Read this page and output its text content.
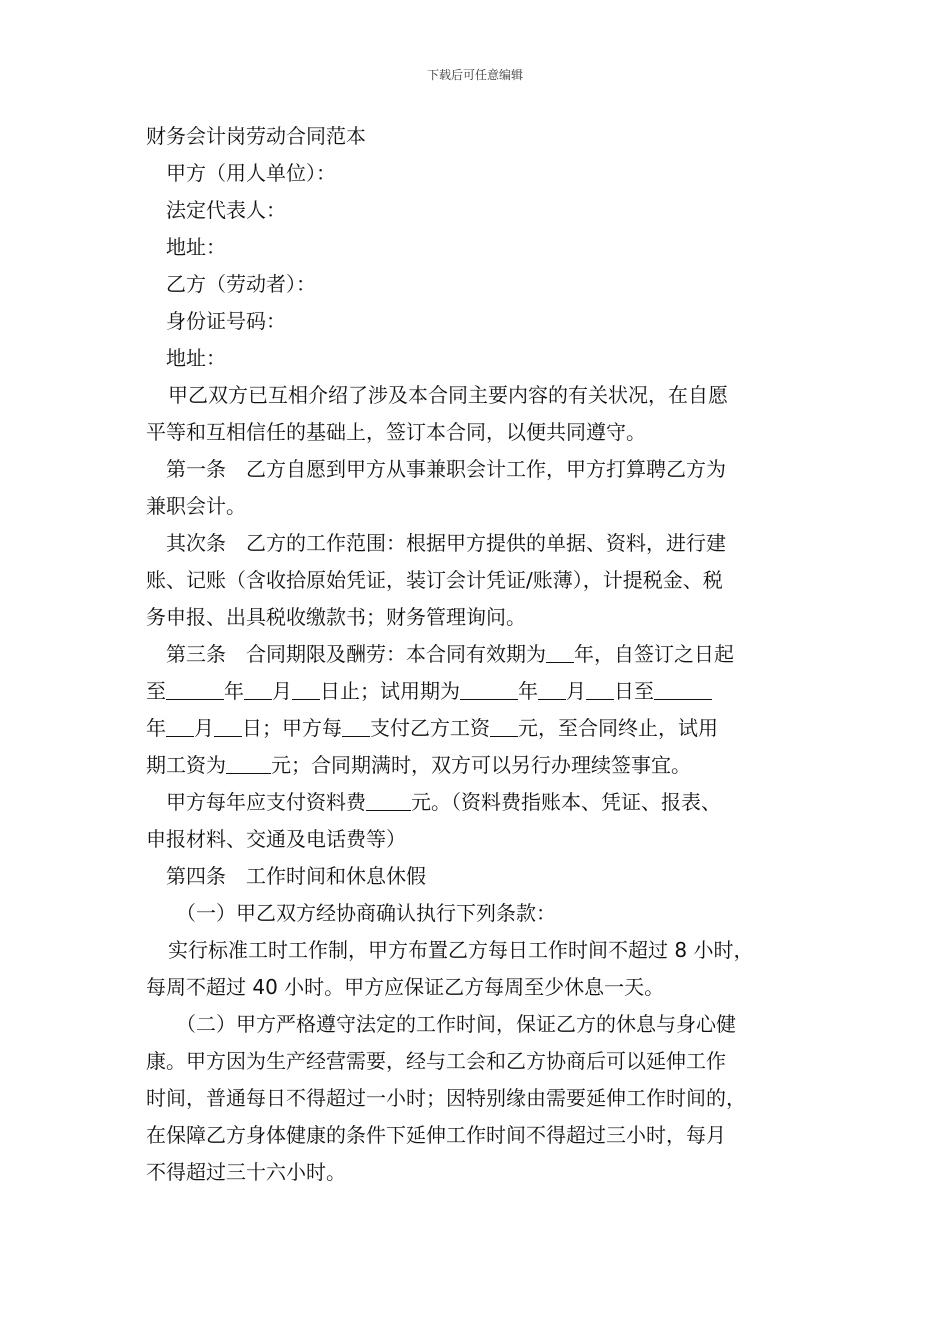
下载后可任意编辑

财务会计岗劳动合同范本

甲方（用人单位）：

法定代表人：

地址：

乙方（劳动者）：

身份证号码：

地址：

甲乙双方已互相介绍了涉及本合同主要内容的有关状况，在自愿

平等和互相信任的基础上，签订本合同，以便共同遵守。

第一条　乙方自愿到甲方从事兼职会计工作，甲方打算聘乙方为

兼职会计。

其次条　乙方的工作范围：根据甲方提供的单据、资料，进行建

账、记账（含收拾原始凭证，装订会计凭证/账薄），计提税金、税

务申报、出具税收缴款书；财务管理询问。

第三条　合同期限及酬劳：本合同有效期为 年，自签订之日起

至	年 月 日止；试用期为	年 月 日至

年 月 日；甲方每 支付乙方工资 元，至合同终止，试用

期工资为 元；合同期满时，双方可以另行办理续签事宜。

甲方每年应支付资料费 元。（资料费指账本、凭证、报表、

申报材料、交通及电话费等）

第四条　工作时间和休息休假

（一）甲乙双方经协商确认执行下列条款：

实行标准工时工作制，甲方布置乙方每日工作时间不超过 8 小时，

每周不超过 40 小时。甲方应保证乙方每周至少休息一天。

（二）甲方严格遵守法定的工作时间，保证乙方的休息与身心健

康。甲方因为生产经营需要，经与工会和乙方协商后可以延伸工作

时间，普通每日不得超过一小时；因特别缘由需要延伸工作时间的，

在保障乙方身体健康的条件下延伸工作时间不得超过三小时，每月

不得超过三十六小时。
